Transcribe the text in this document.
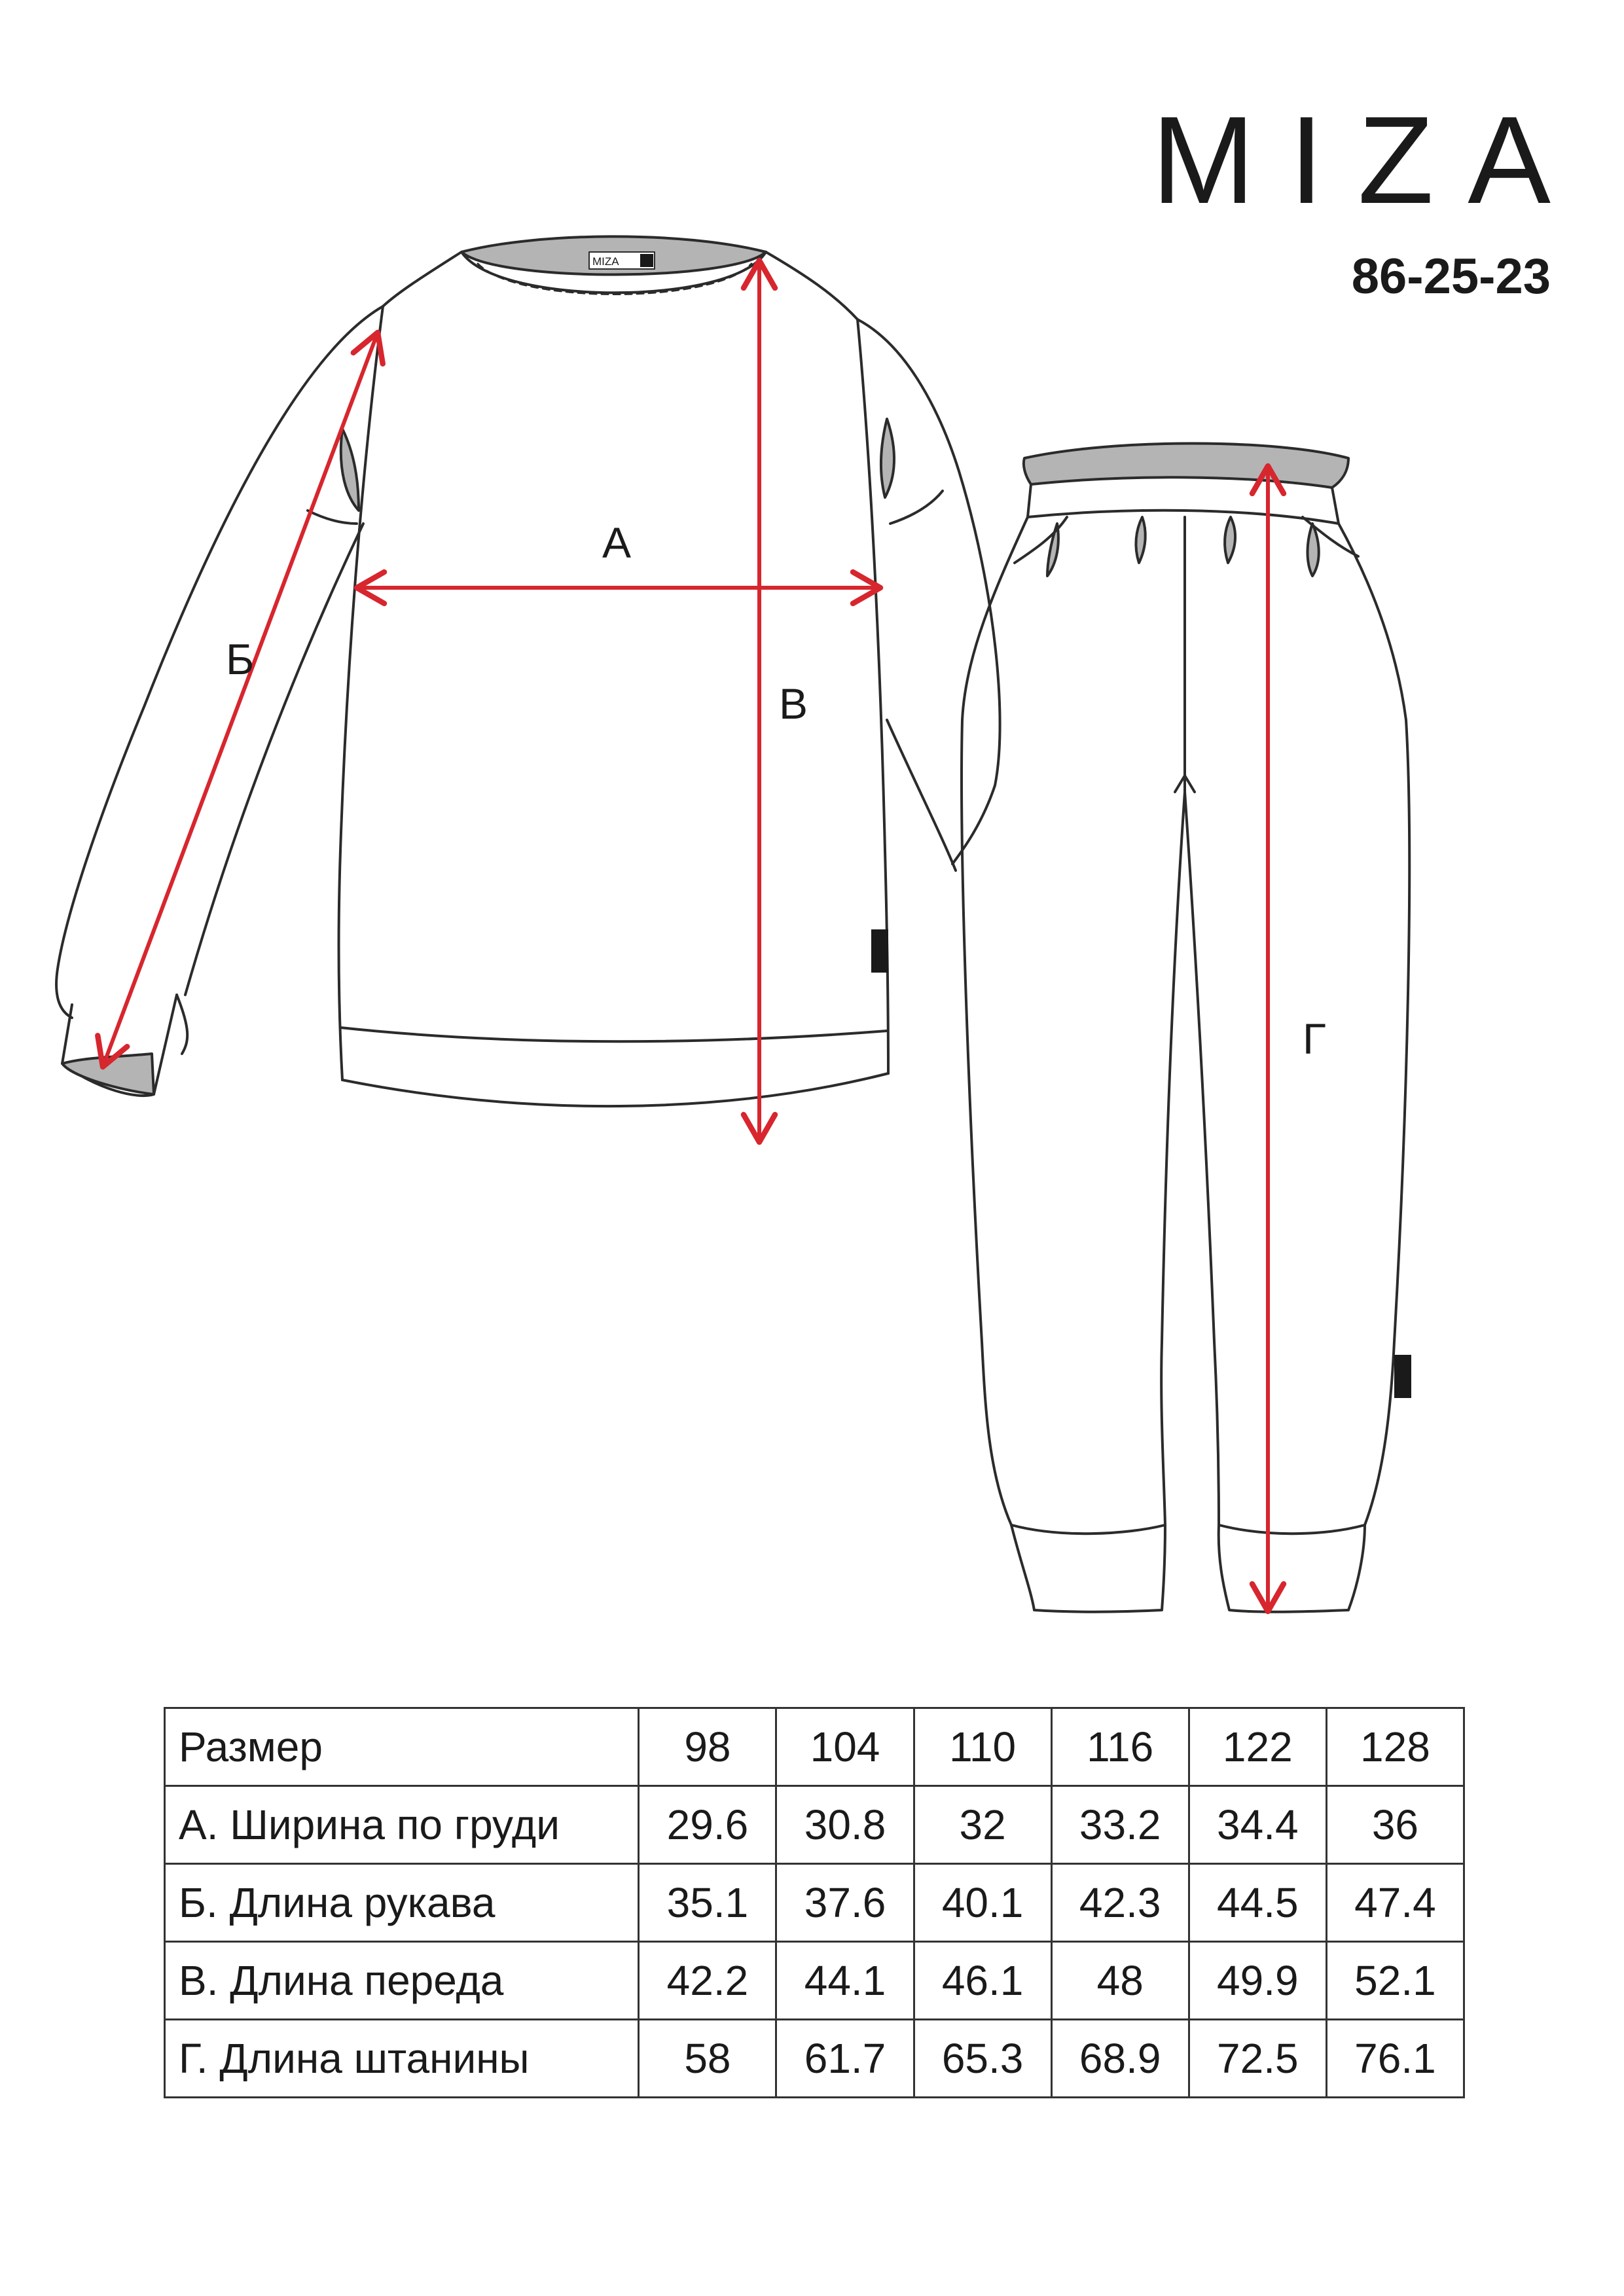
MIZA
86-25-23
MIZA
А
Б
В
Г
Размер	98	104	110	116	122	128
А. Ширина по груди	29.6	30.8	32	33.2	34.4	36
Б. Длина рукава	35.1	37.6	40.1	42.3	44.5	47.4
В. Длина переда	42.2	44.1	46.1	48	49.9	52.1
Г. Длина штанины	58	61.7	65.3	68.9	72.5	76.1
